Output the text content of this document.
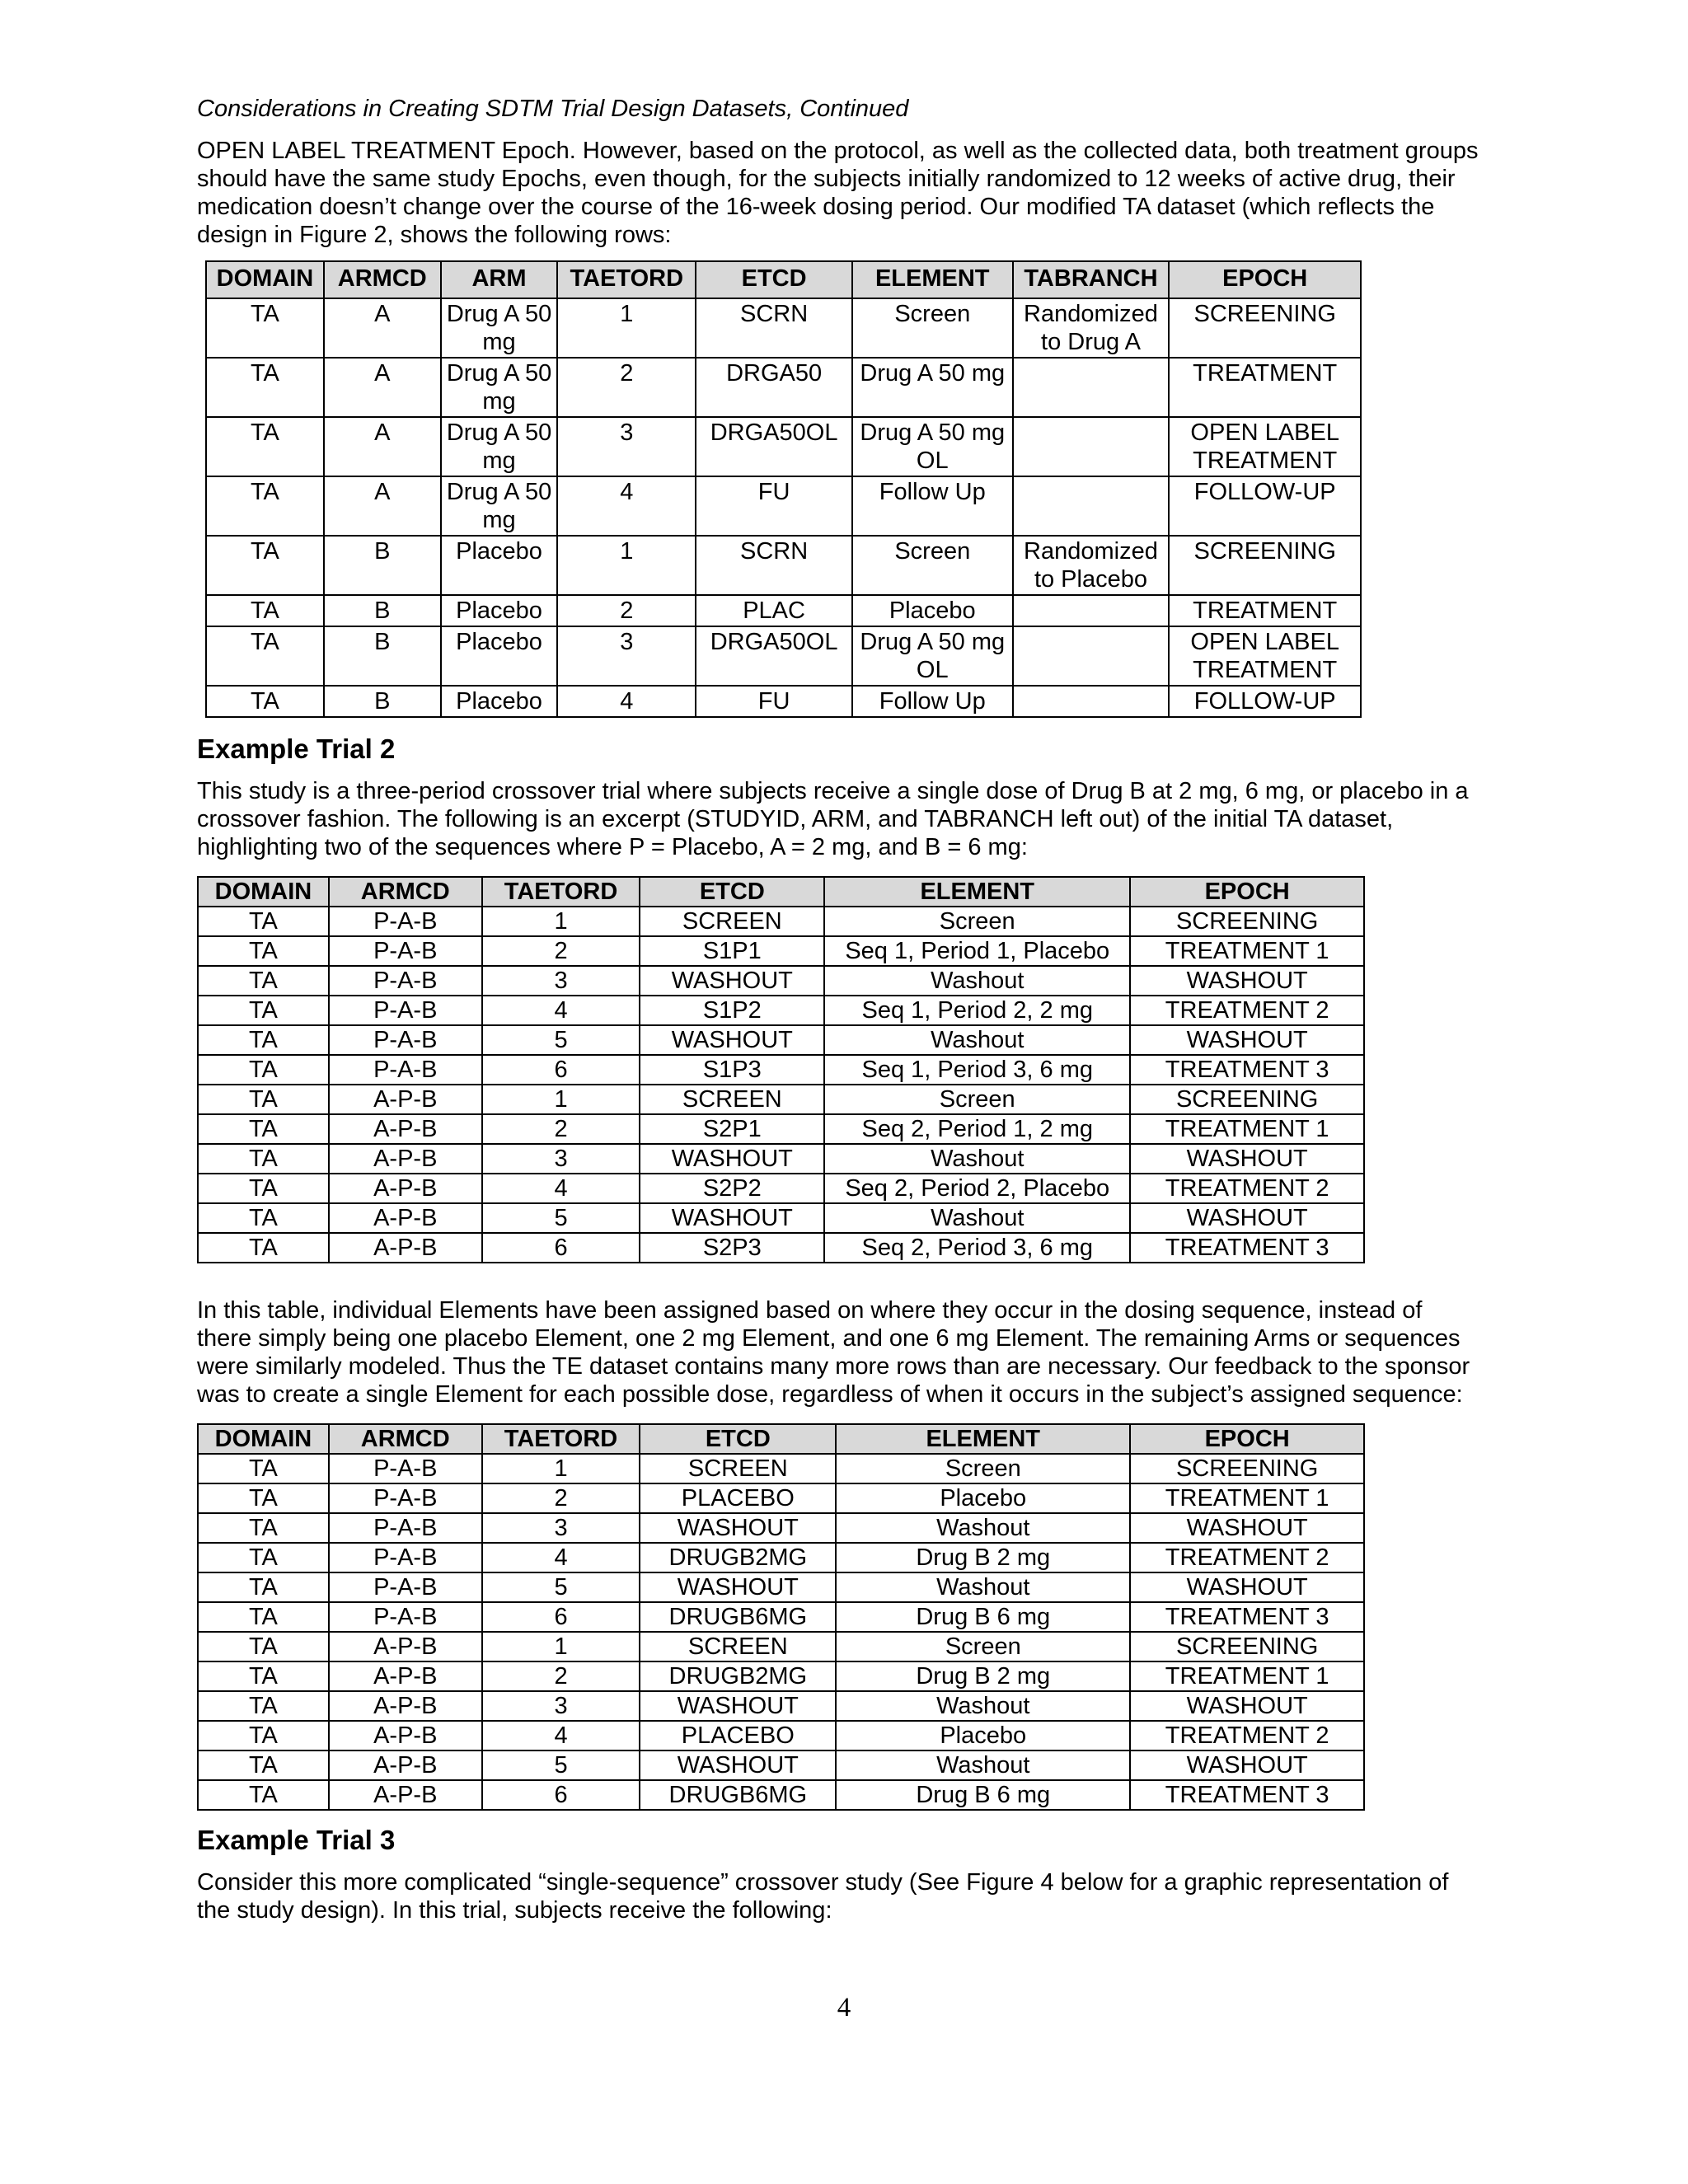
Considerations in Creating SDTM Trial Design Datasets, Continued

OPEN LABEL TREATMENT Epoch. However, based on the protocol, as well as the collected data, both treatment groups should have the same study Epochs, even though, for the subjects initially randomized to 12 weeks of active drug, their medication doesn’t change over the course of the 16-week dosing period. Our modified TA dataset (which reflects the design in Figure 2, shows the following rows:

DOMAIN	ARMCD	ARM	TAETORD	ETCD	ELEMENT	TABRANCH	EPOCH
TA	A	Drug A 50 mg	1	SCRN	Screen	Randomized to Drug A	SCREENING
TA	A	Drug A 50 mg	2	DRGA50	Drug A 50 mg		TREATMENT
TA	A	Drug A 50 mg	3	DRGA50OL	Drug A 50 mg OL		OPEN LABEL TREATMENT
TA	A	Drug A 50 mg	4	FU	Follow Up		FOLLOW-UP
TA	B	Placebo	1	SCRN	Screen	Randomized to Placebo	SCREENING
TA	B	Placebo	2	PLAC	Placebo		TREATMENT
TA	B	Placebo	3	DRGA50OL	Drug A 50 mg OL		OPEN LABEL TREATMENT
TA	B	Placebo	4	FU	Follow Up		FOLLOW-UP
Example Trial 2

This study is a three-period crossover trial where subjects receive a single dose of Drug B at 2 mg, 6 mg, or placebo in a crossover fashion. The following is an excerpt (STUDYID, ARM, and TABRANCH left out) of the initial TA dataset, highlighting two of the sequences where P = Placebo, A = 2 mg, and B = 6 mg:

DOMAIN	ARMCD	TAETORD	ETCD	ELEMENT	EPOCH
TA	P-A-B	1	SCREEN	Screen	SCREENING
TA	P-A-B	2	S1P1	Seq 1, Period 1, Placebo	TREATMENT 1
TA	P-A-B	3	WASHOUT	Washout	WASHOUT
TA	P-A-B	4	S1P2	Seq 1, Period 2, 2 mg	TREATMENT 2
TA	P-A-B	5	WASHOUT	Washout	WASHOUT
TA	P-A-B	6	S1P3	Seq 1, Period 3, 6 mg	TREATMENT 3
TA	A-P-B	1	SCREEN	Screen	SCREENING
TA	A-P-B	2	S2P1	Seq 2, Period 1, 2 mg	TREATMENT 1
TA	A-P-B	3	WASHOUT	Washout	WASHOUT
TA	A-P-B	4	S2P2	Seq 2, Period 2, Placebo	TREATMENT 2
TA	A-P-B	5	WASHOUT	Washout	WASHOUT
TA	A-P-B	6	S2P3	Seq 2, Period 3, 6 mg	TREATMENT 3

In this table, individual Elements have been assigned based on where they occur in the dosing sequence, instead of there simply being one placebo Element, one 2 mg Element, and one 6 mg Element. The remaining Arms or sequences were similarly modeled. Thus the TE dataset contains many more rows than are necessary. Our feedback to the sponsor was to create a single Element for each possible dose, regardless of when it occurs in the subject’s assigned sequence:

DOMAIN	ARMCD	TAETORD	ETCD	ELEMENT	EPOCH
TA	P-A-B	1	SCREEN	Screen	SCREENING
TA	P-A-B	2	PLACEBO	Placebo	TREATMENT 1
TA	P-A-B	3	WASHOUT	Washout	WASHOUT
TA	P-A-B	4	DRUGB2MG	Drug B 2 mg	TREATMENT 2
TA	P-A-B	5	WASHOUT	Washout	WASHOUT
TA	P-A-B	6	DRUGB6MG	Drug B 6 mg	TREATMENT 3
TA	A-P-B	1	SCREEN	Screen	SCREENING
TA	A-P-B	2	DRUGB2MG	Drug B 2 mg	TREATMENT 1
TA	A-P-B	3	WASHOUT	Washout	WASHOUT
TA	A-P-B	4	PLACEBO	Placebo	TREATMENT 2
TA	A-P-B	5	WASHOUT	Washout	WASHOUT
TA	A-P-B	6	DRUGB6MG	Drug B 6 mg	TREATMENT 3
Example Trial 3

Consider this more complicated “single-sequence” crossover study (See Figure 4 below for a graphic representation of the study design). In this trial, subjects receive the following:

4
